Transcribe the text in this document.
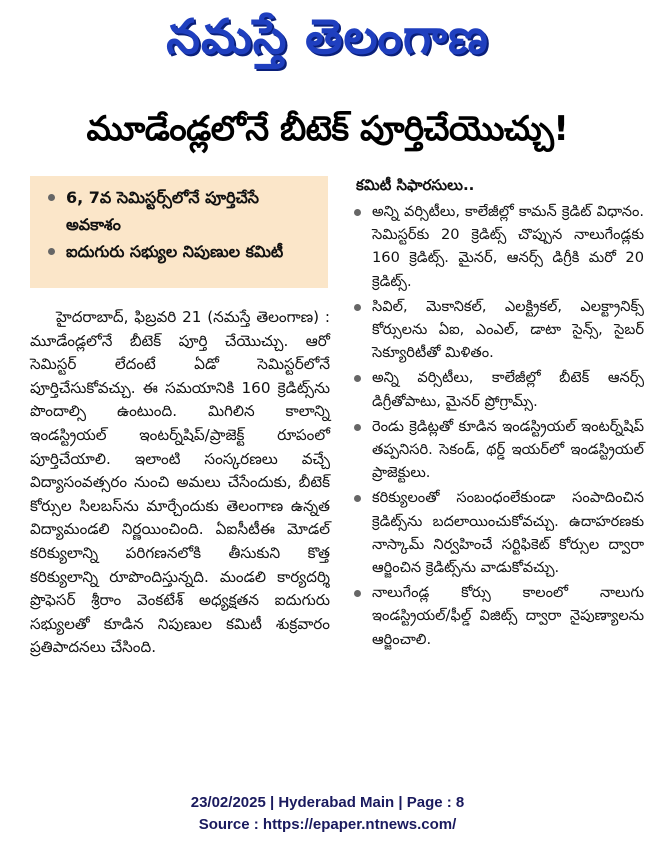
నమస్తే తెలంగాణ
మూడేండ్లలోనే బీటెక్‌ పూర్తిచేయొచ్చు!
6, 7వ సెమిస్టర్స్‌లోనే పూర్తిచేసే అవకాశం
ఐదుగురు సభ్యుల నిపుణుల కమిటీ

హైదరాబాద్‌, ఫిబ్రవరి 21 (నమస్తే తెలంగాణ) : మూడేండ్లలోనే బీటెక్‌ పూర్తి చేయొచ్చు. ఆరో సెమిస్టర్‌ లేదంటే ఏడో సెమిస్టర్‌లోనే పూర్తిచేసుకోవచ్చు. ఈ సమయానికి 160 క్రెడిట్స్‌ను పొందాల్సి ఉంటుంది. మిగిలిన కాలాన్ని ఇండస్ట్రియల్‌ ఇంటర్న్‌షిప్‌/ప్రాజెక్ట్‌ రూపంలో పూర్తిచేయాలి. ఇలాంటి సంస్కరణలు వచ్చే విద్యాసంవత్సరం నుంచి అమలు చేసేందుకు, బీటెక్‌ కోర్సుల సిలబస్‌ను మార్చేందుకు తెలంగాణ ఉన్నత విద్యామండలి నిర్ణయించింది. ఏఐసీటీఈ మోడల్‌ కరిక్యులాన్ని పరిగణనలోకి తీసుకుని కొత్త కరిక్యులాన్ని రూపొందిస్తున్నది. మండలి కార్యదర్శి ప్రొఫెసర్‌ శ్రీరాం వెంకటేశ్‌ అధ్యక్షతన ఐదుగురు సభ్యులతో కూడిన నిపుణుల కమిటీ శుక్రవారం ప్రతిపాదనలు చేసింది.

కమిటీ సిఫారసులు..
అన్ని వర్సిటీలు, కాలేజీల్లో కామన్‌ క్రెడిట్‌ విధానం. సెమిస్టర్‌కు 20 క్రెడిట్స్‌ చొప్పున నాలుగేండ్లకు 160 క్రెడిట్స్‌. మైనర్‌, ఆనర్స్‌ డిగ్రీకి మరో 20 క్రెడిట్స్‌.
సివిల్‌, మెకానికల్‌, ఎలక్ట్రికల్‌, ఎలక్ట్రానిక్స్‌ కోర్సులను ఏఐ, ఎంఎల్‌, డాటా సైన్స్‌, సైబర్‌ సెక్యూరిటీతో మిళితం.
అన్ని వర్సిటీలు, కాలేజీల్లో బీటెక్‌ ఆనర్స్‌ డిగ్రీతోపాటు, మైనర్‌ ప్రోగ్రామ్స్‌.
రెండు క్రెడిట్లతో కూడిన ఇండస్ట్రియల్‌ ఇంటర్న్‌షిప్‌ తప్పనిసరి. సెకండ్‌, థర్డ్‌ ఇయర్‌లో ఇండస్ట్రియల్‌ ప్రాజెక్టులు.
కరిక్యులంతో సంబంధంలేకుండా సంపాదించిన క్రెడిట్స్‌ను బదలాయించుకోవచ్చు. ఉదాహరణకు నాస్కామ్‌ నిర్వహించే సర్టిఫికెట్‌ కోర్సుల ద్వారా ఆర్జించిన క్రెడిట్స్‌ను వాడుకోవచ్చు.
నాలుగేండ్ల కోర్సు కాలంలో నాలుగు ఇండస్ట్రియల్‌/ఫీల్డ్‌ విజిట్స్‌ ద్వారా నైపుణ్యాలను ఆర్జించాలి.
23/02/2025 | Hyderabad Main | Page : 8
Source : https://epaper.ntnews.com/
